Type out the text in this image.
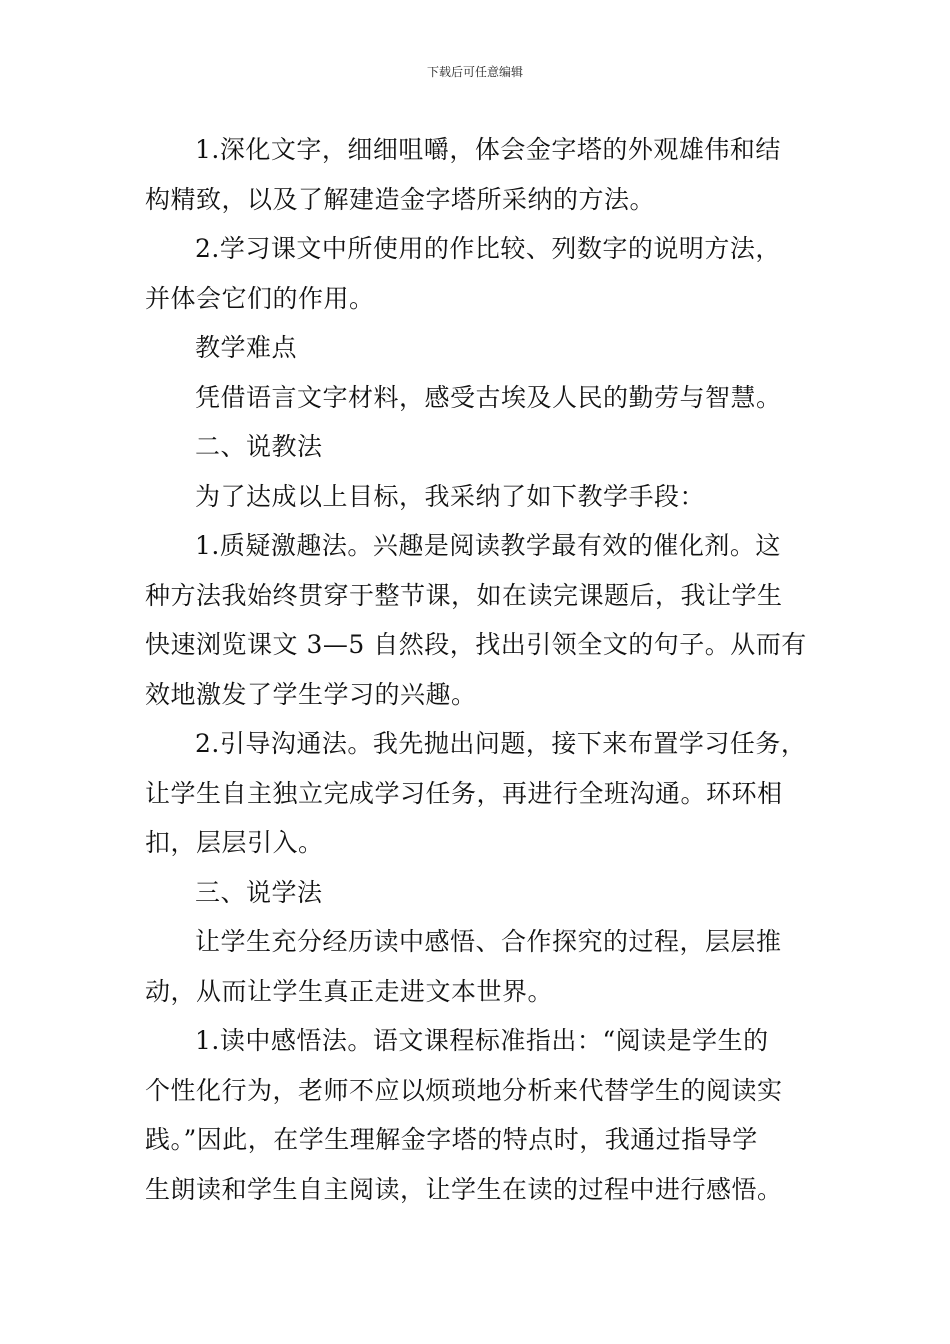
下载后可任意编辑
1.深化文字，细细咀嚼，体会金字塔的外观雄伟和结
构精致，以及了解建造金字塔所采纳的方法。
2.学习课文中所使用的作比较、列数字的说明方法，
并体会它们的作用。
教学难点
凭借语言文字材料，感受古埃及人民的勤劳与智慧。
二、说教法
为了达成以上目标，我采纳了如下教学手段：
1.质疑激趣法。兴趣是阅读教学最有效的催化剂。这
种方法我始终贯穿于整节课，如在读完课题后，我让学生
快速浏览课文 3—5 自然段，找出引领全文的句子。从而有
效地激发了学生学习的兴趣。
2.引导沟通法。我先抛出问题，接下来布置学习任务，
让学生自主独立完成学习任务，再进行全班沟通。环环相
扣，层层引入。
三、说学法
让学生充分经历读中感悟、合作探究的过程，层层推
动，从而让学生真正走进文本世界。
1.读中感悟法。语文课程标准指出：“阅读是学生的
个性化行为，老师不应以烦琐地分析来代替学生的阅读实
践。”因此，在学生理解金字塔的特点时，我通过指导学
生朗读和学生自主阅读，让学生在读的过程中进行感悟。
